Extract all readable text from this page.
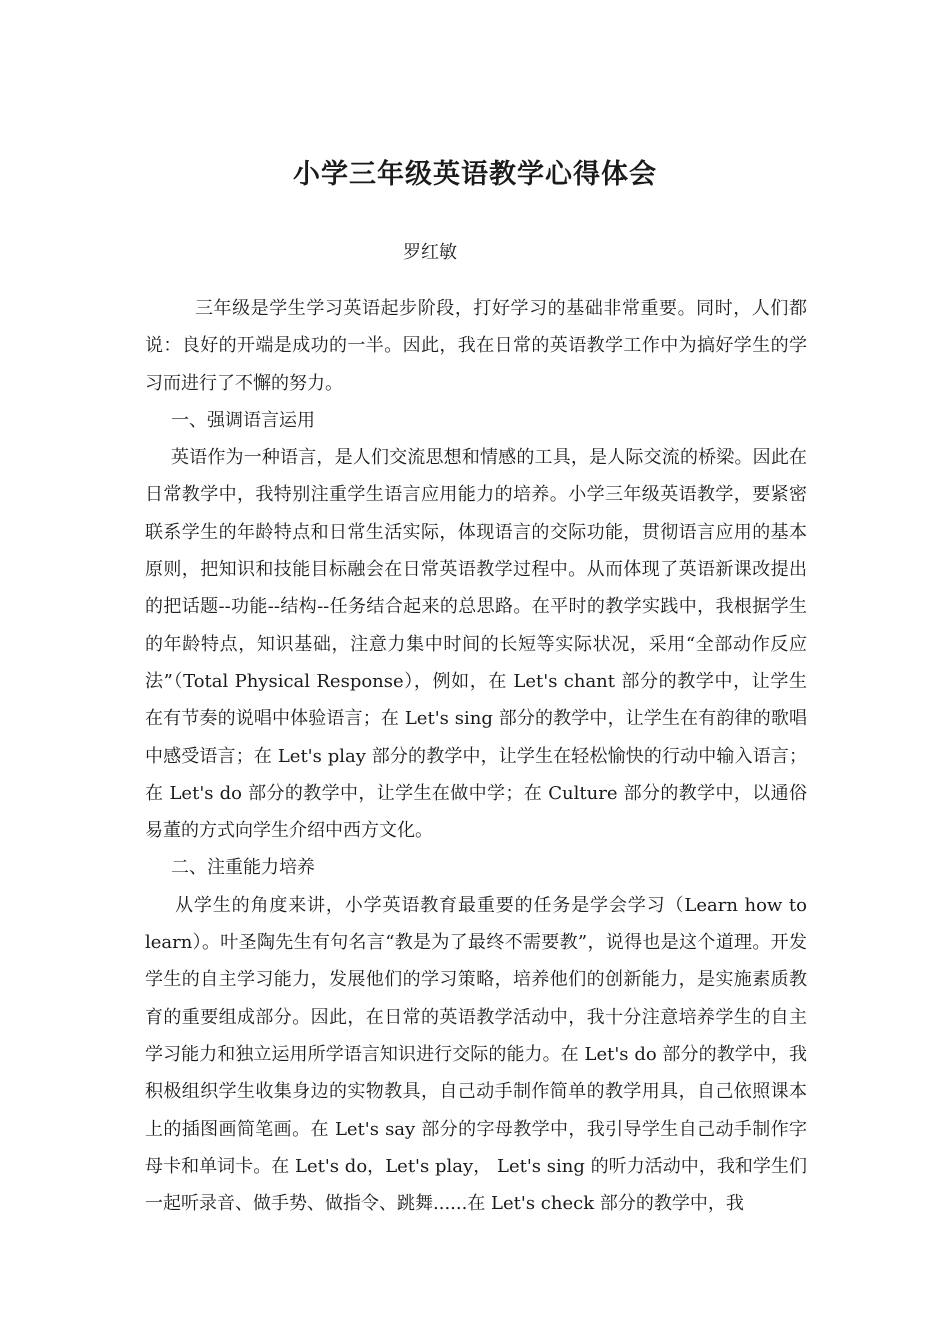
小学三年级英语教学心得体会

罗红敏

三年级是学生学习英语起步阶段，打好学习的基础非常重要。同时，人们都说：良好的开端是成功的一半。因此，我在日常的英语教学工作中为搞好学生的学习而进行了不懈的努力。

一、强调语言运用

英语作为一种语言，是人们交流思想和情感的工具，是人际交流的桥梁。因此在日常教学中，我特别注重学生语言应用能力的培养。小学三年级英语教学，要紧密联系学生的年龄特点和日常生活实际，体现语言的交际功能，贯彻语言应用的基本原则，把知识和技能目标融会在日常英语教学过程中。从而体现了英语新课改提出的把话题--功能--结构--任务结合起来的总思路。在平时的教学实践中，我根据学生的年龄特点，知识基础，注意力集中时间的长短等实际状况，采用“全部动作反应法”（Total Physical Response），例如，在 Let's chant 部分的教学中，让学生在有节奏的说唱中体验语言；在 Let's sing 部分的教学中，让学生在有韵律的歌唱中感受语言；在 Let's play 部分的教学中，让学生在轻松愉快的行动中输入语言；在 Let's do 部分的教学中，让学生在做中学；在 Culture 部分的教学中，以通俗易董的方式向学生介绍中西方文化。

二、注重能力培养

从学生的角度来讲，小学英语教育最重要的任务是学会学习（Learn how to learn）。叶圣陶先生有句名言“教是为了最终不需要教”，说得也是这个道理。开发学生的自主学习能力，发展他们的学习策略，培养他们的创新能力，是实施素质教育的重要组成部分。因此，在日常的英语教学活动中，我十分注意培养学生的自主学习能力和独立运用所学语言知识进行交际的能力。在 Let's do 部分的教学中，我积极组织学生收集身边的实物教具，自己动手制作简单的教学用具，自己依照课本上的插图画简笔画。在 Let's say 部分的字母教学中，我引导学生自己动手制作字母卡和单词卡。在 Let's do，Let's play， Let's sing 的听力活动中，我和学生们一起听录音、做手势、做指令、跳舞......在 Let's check 部分的教学中，我
